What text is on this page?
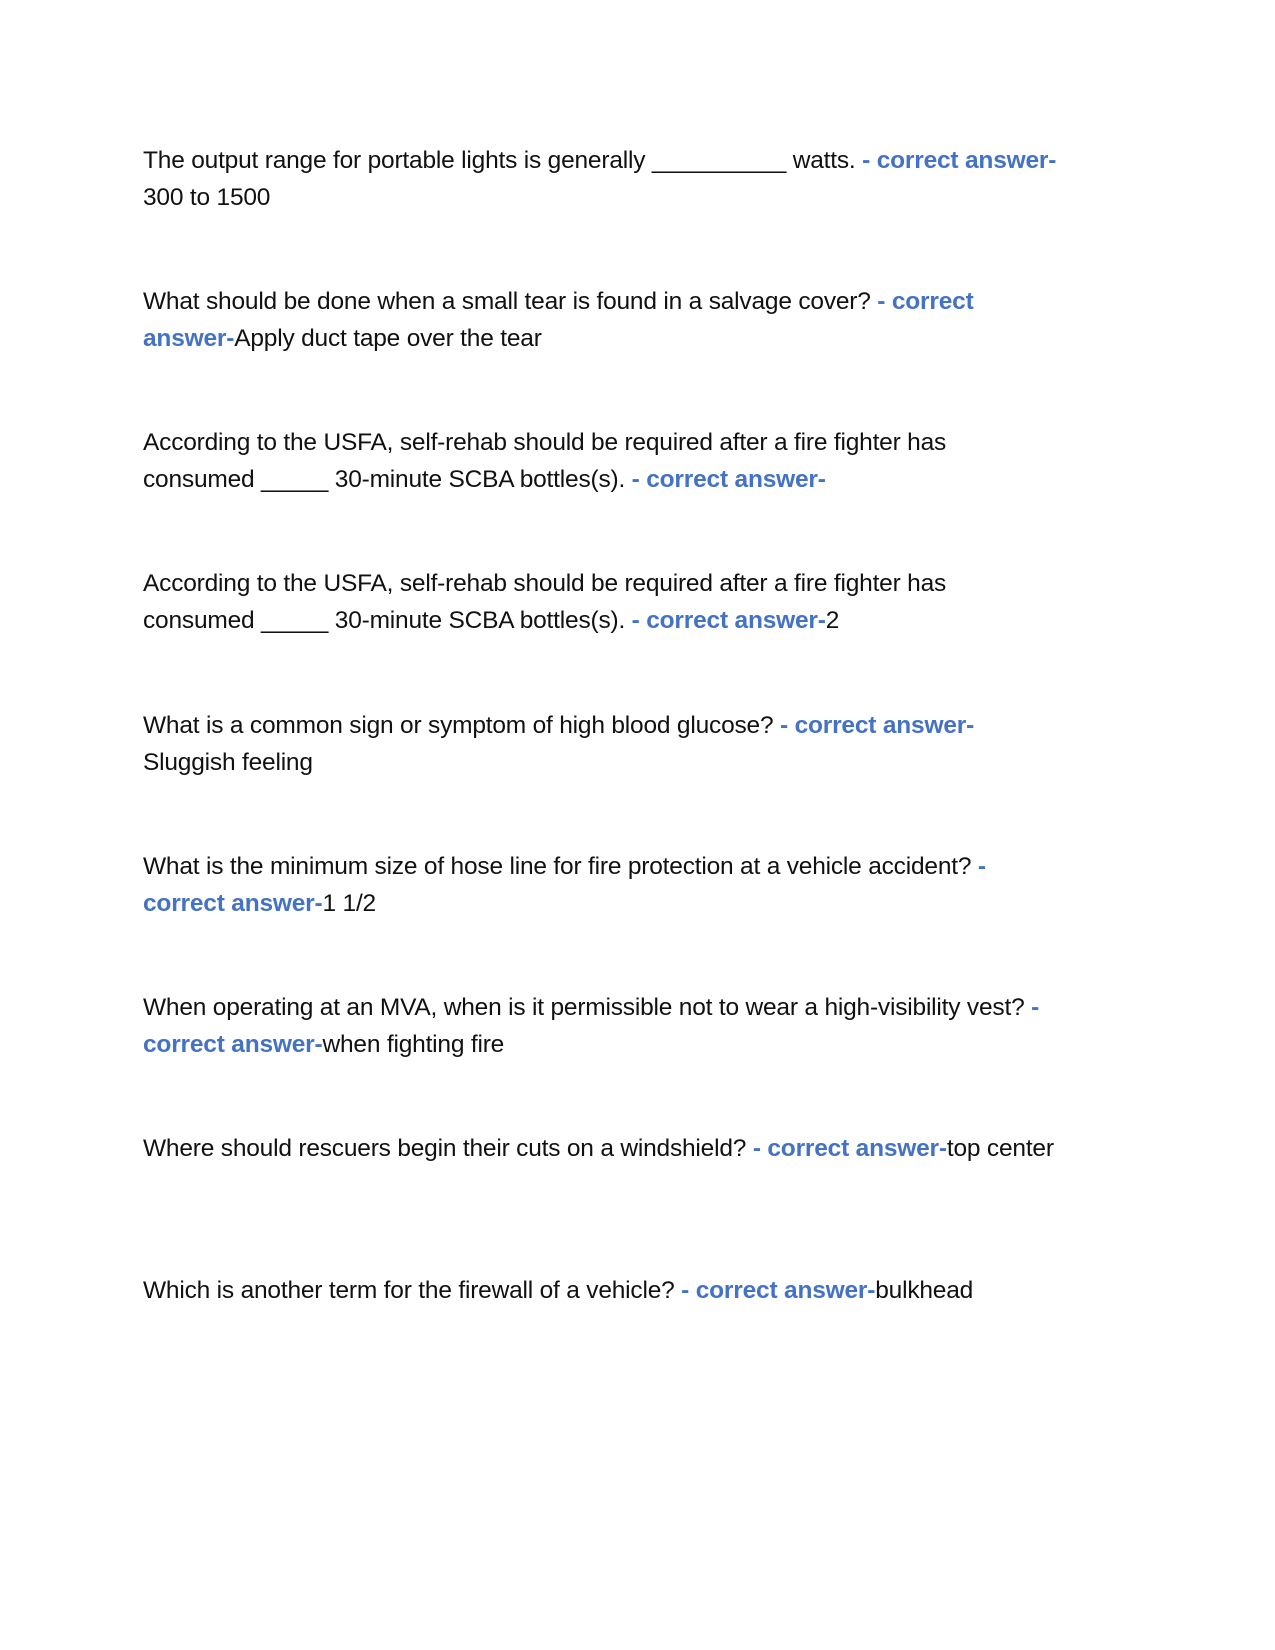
The output range for portable lights is generally __________ watts. - correct answer-300 to 1500

What should be done when a small tear is found in a salvage cover? - correct answer-Apply duct tape over the tear

According to the USFA, self-rehab should be required after a fire fighter has consumed _____ 30-minute SCBA bottles(s). - correct answer-

According to the USFA, self-rehab should be required after a fire fighter has consumed _____ 30-minute SCBA bottles(s). - correct answer-2

What is a common sign or symptom of high blood glucose? - correct answer-Sluggish feeling

What is the minimum size of hose line for fire protection at a vehicle accident? - correct answer-1 1/2

When operating at an MVA, when is it permissible not to wear a high-visibility vest? - correct answer-when fighting fire

Where should rescuers begin their cuts on a windshield? - correct answer-top center

Which is another term for the firewall of a vehicle? - correct answer-bulkhead
